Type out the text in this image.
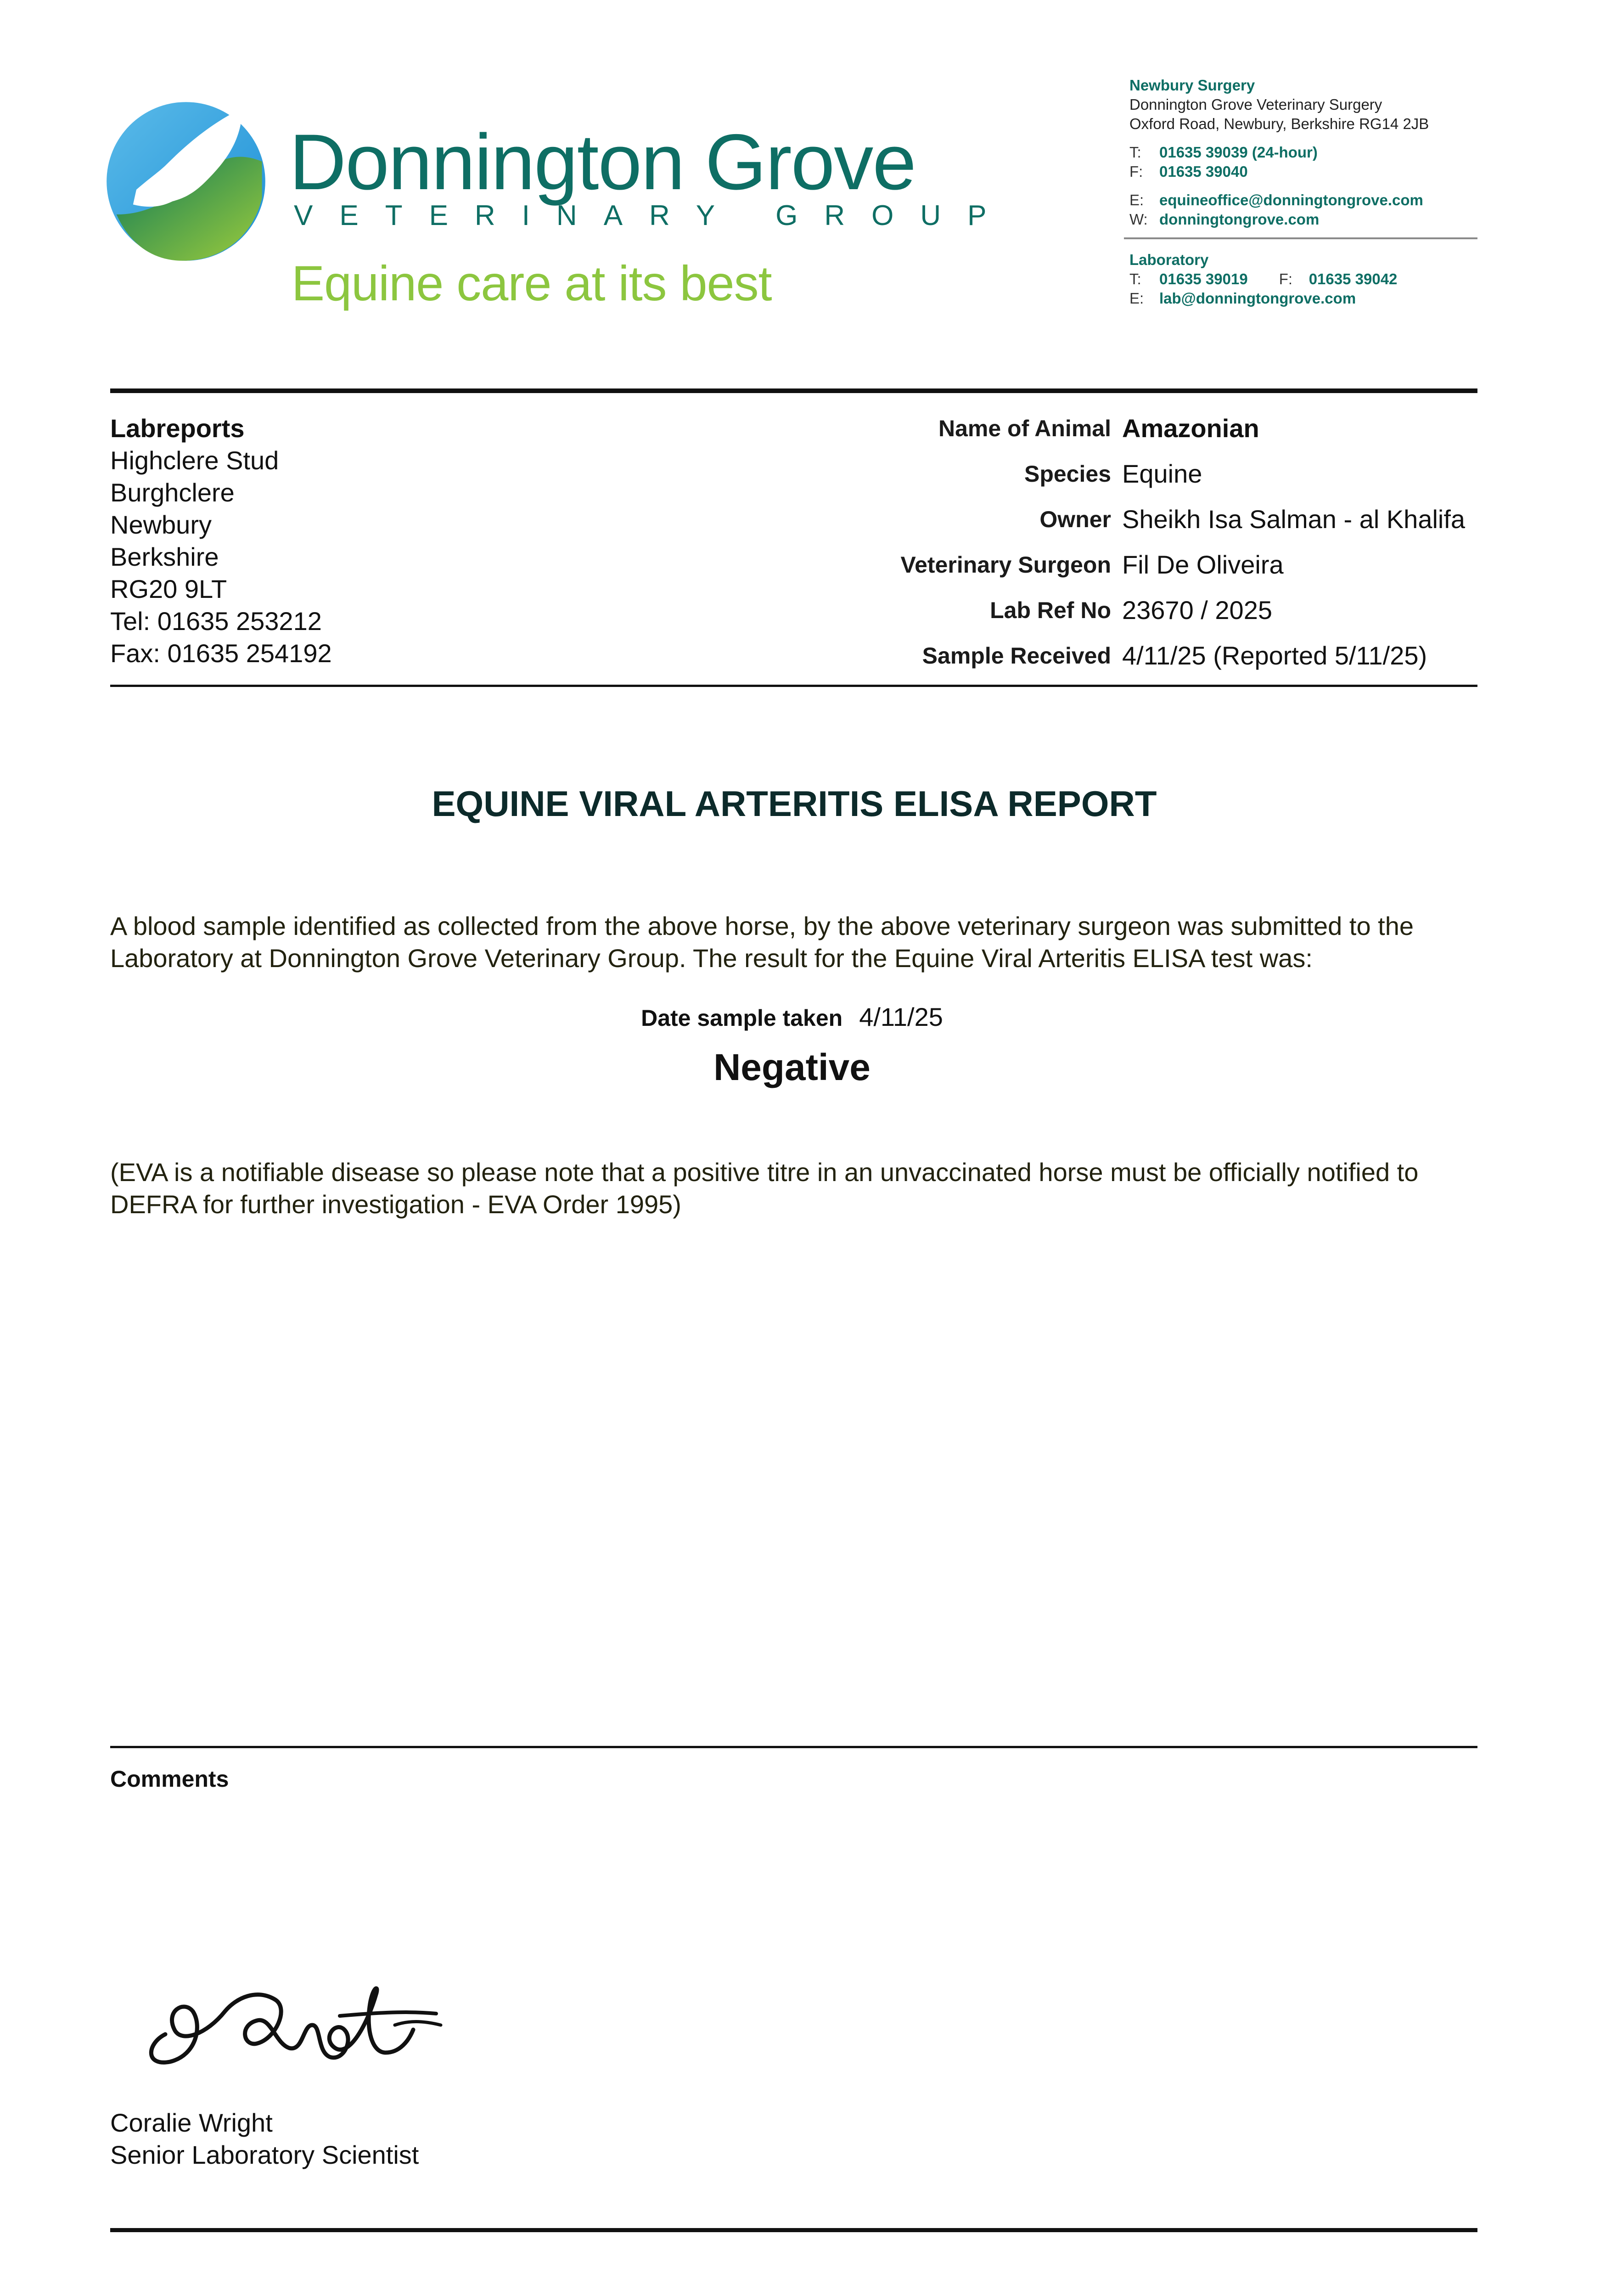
Donnington Grove
VETERINARY GROUP
Equine care at its best
Newbury Surgery
Donnington Grove Veterinary Surgery
Oxford Road, Newbury, Berkshire RG14 2JB
T: 01635 39039 (24-hour)
F: 01635 39040
E: equineoffice@donningtongrove.com
W: donningtongrove.com
Laboratory
T: 01635 39019 F: 01635 39042
E: lab@donningtongrove.com
Labreports
Highclere Stud
Burghclere
Newbury
Berkshire
RG20 9LT
Tel: 01635 253212
Fax: 01635 254192
Name of Animal Amazonian
Species Equine
Owner Sheikh Isa Salman - al Khalifa
Veterinary Surgeon Fil De Oliveira
Lab Ref No 23670 / 2025
Sample Received 4/11/25 (Reported 5/11/25)
EQUINE VIRAL ARTERITIS ELISA REPORT
A blood sample identified as collected from the above horse, by the above veterinary surgeon was submitted to the Laboratory at Donnington Grove Veterinary Group. The result for the Equine Viral Arteritis ELISA test was:
Date sample taken 4/11/25
Negative
(EVA is a notifiable disease so please note that a positive titre in an unvaccinated horse must be officially notified to DEFRA for further investigation - EVA Order 1995)
Comments
Coralie Wright
Senior Laboratory Scientist
